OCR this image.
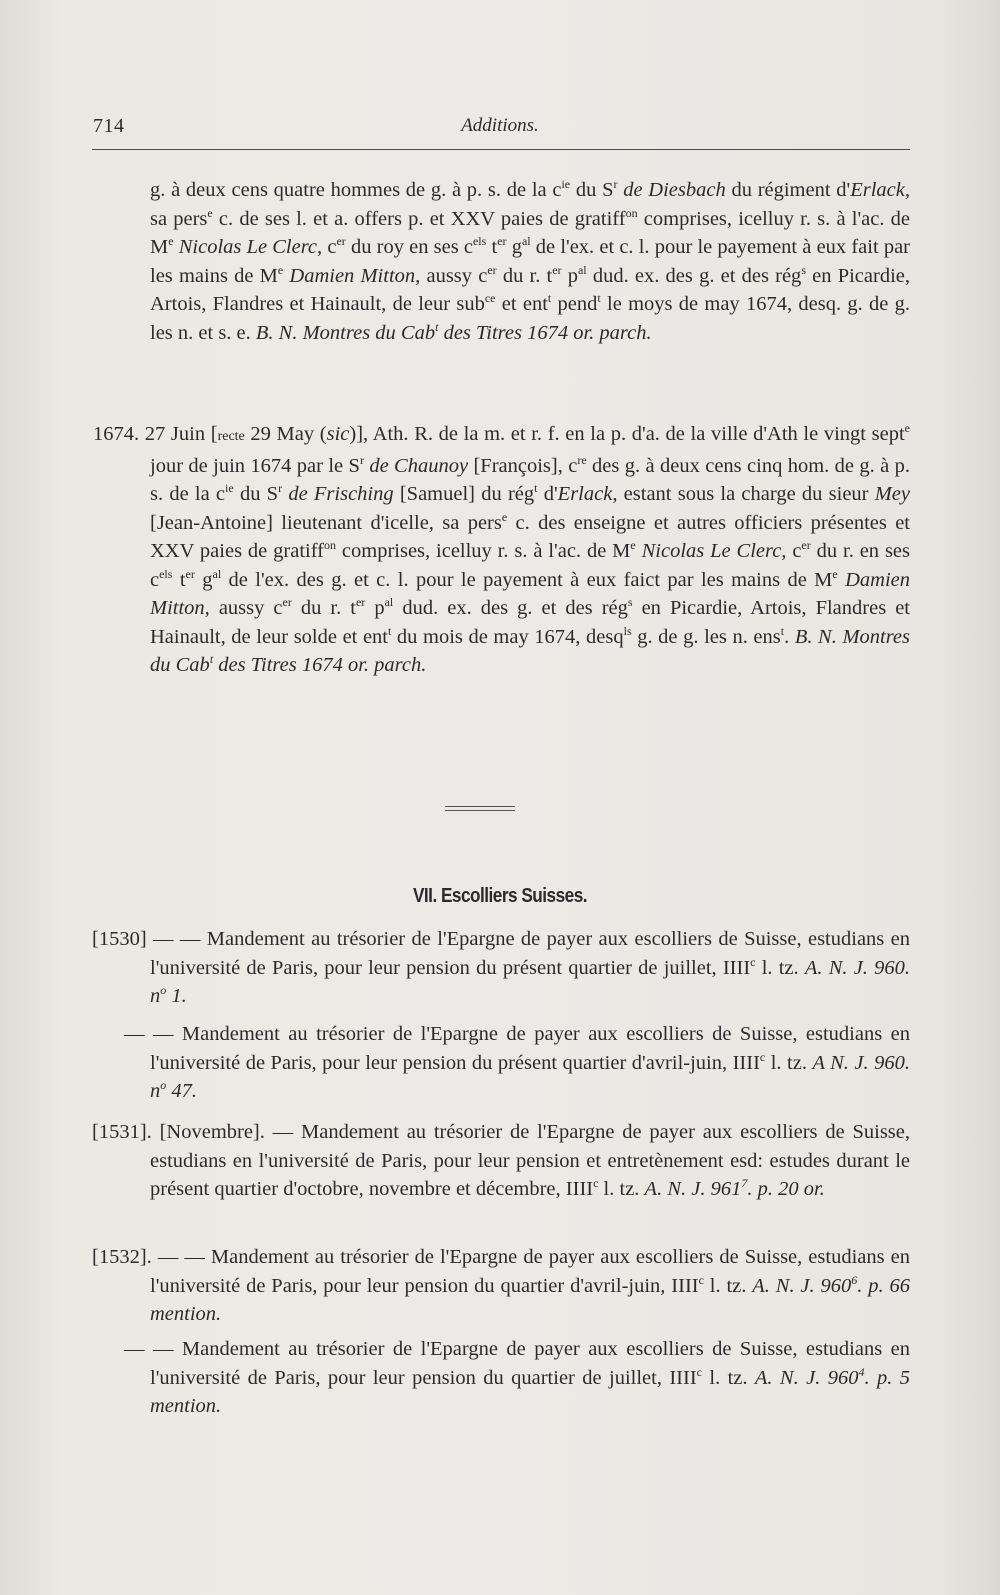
714	Additions.

g. à deux cens quatre hommes de g. à p. s. de la $c^{ie}$ du $S^r$ de Diesbach du régiment d'Erlack, sa pers$^e$ c. de ses l. et a. offers p. et XXV paies de gratiff$^{on}$ comprises, icelluy r. s. à l'ac. de Me Nicolas Le Clerc, $c^{er}$ du roy en ses $c^{els}$ $t^{er}$ $g^{al}$ de l'ex. et c. l. pour le payement à eux fait par les mains de Me Damien Mitton, aussy $c^{er}$ du r. $t^{er}$ $p^{al}$ dud. ex. des g. et des rég$^s$ en Picardie, Artois, Flandres et Hainault, de leur sub$^{ce}$ et ent$^t$ pend$^t$ le moys de may 1674, desq. g. de g. les n. et s. e. B. N. Montres du Cab$^t$ des Titres 1674 or. parch.

1674. 27 Juin [recte 29 May (sic)], Ath. R. de la m. et r. f. en la p. d'a. de la ville d'Ath le vingt sept$^e$ jour de juin 1674 par le $S^r$ de Chaunoy [François], $c^{re}$ des g. à deux cens cinq hom. de g. à p. s. de la $c^{ie}$ du $S^r$ de Frisching [Samuel] du rég$^t$ d'Erlack, estant sous la charge du sieur Mey [Jean-Antoine] lieutenant d'icelle, sa pers$^e$ c. des enseigne et autres officiers présentes et XXV paies de gratiff$^{on}$ comprises, icelluy r. s. à l'ac. de Me Nicolas Le Clerc, $c^{er}$ du r. en ses $c^{els}$ $t^{er}$ $g^{al}$ de l'ex. des g. et c. l. pour le payement à eux faict par les mains de Me Damien Mitton, aussy $c^{er}$ du r. $t^{er}$ $p^{al}$ dud. ex. des g. et des rég$^s$ en Picardie, Artois, Flandres et Hainault, de leur solde et ent$^t$ du mois de may 1674, desq$^{ls}$ g. de g. les n. ens$^t$. B. N. Montres du Cab$^t$ des Titres 1674 or. parch.

VII. Escolliers Suisses.

[1530] — — Mandement au trésorier de l'Epargne de payer aux escolliers de Suisse, estudians en l'université de Paris, pour leur pension du présent quartier de juillet, IIII$^c$ l. tz. A. N. J. 960. $n^o$ 1.

— — Mandement au trésorier de l'Epargne de payer aux escolliers de Suisse, estudians en l'université de Paris, pour leur pension du présent quartier d'avril-juin, IIII$^c$ l. tz. A N. J. 960. $n^o$ 47.

[1531]. [Novembre]. — Mandement au trésorier de l'Epargne de payer aux escolliers de Suisse, estudians en l'université de Paris, pour leur pension et entretènement esd: estudes durant le présent quartier d'octobre, novembre et décembre, IIII$^c$ l. tz. A. N. J. $961^7$. p. 20 or.

[1532]. — — Mandement au trésorier de l'Epargne de payer aux escolliers de Suisse, estudians en l'université de Paris, pour leur pension du quartier d'avril-juin, IIII$^c$ l. tz. A. N. J. $960^6$. p. 66 mention.

— — Mandement au trésorier de l'Epargne de payer aux escolliers de Suisse, estudians en l'université de Paris, pour leur pension du quartier de juillet, IIII$^c$ l. tz. A. N. J. $960^4$. p. 5 mention.
